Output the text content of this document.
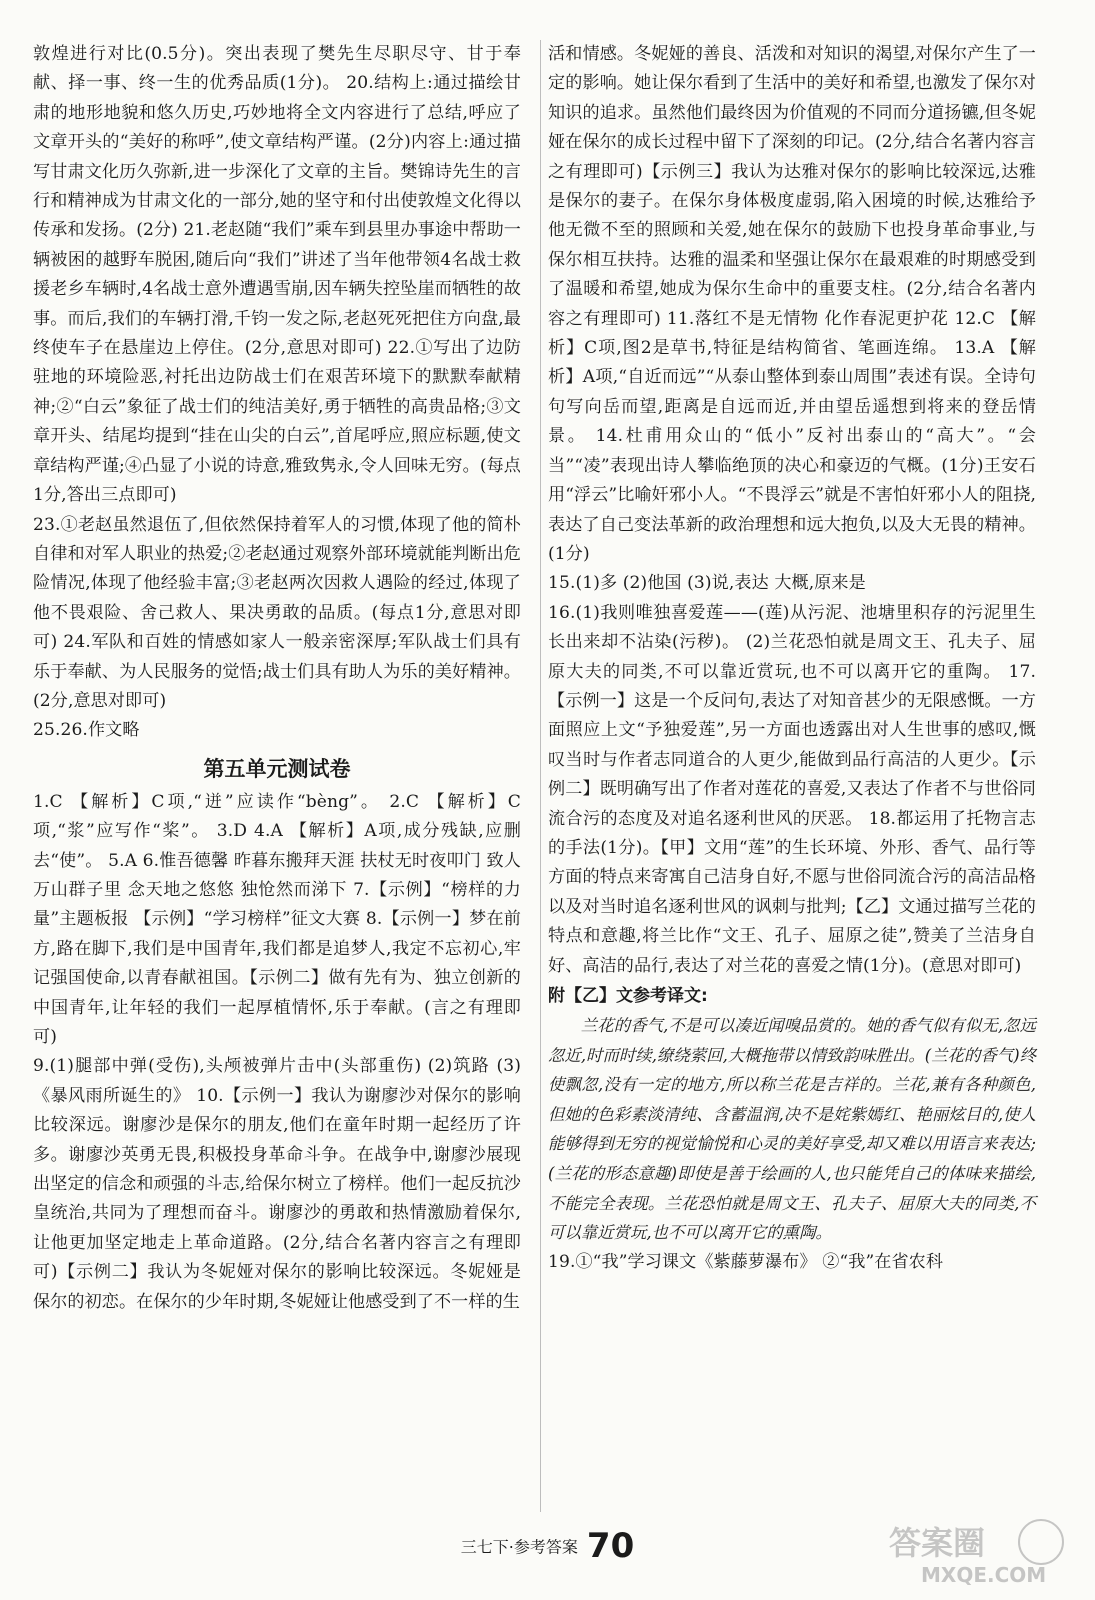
敦煌进行对比(0.5分)。突出表现了樊先生尽职尽守、甘于奉献、择一事、终一生的优秀品质(1分)。 20.结构上:通过描绘甘肃的地形地貌和悠久历史,巧妙地将全文内容进行了总结,呼应了文章开头的“美好的称呼”,使文章结构严谨。(2分)内容上:通过描写甘肃文化历久弥新,进一步深化了文章的主旨。樊锦诗先生的言行和精神成为甘肃文化的一部分,她的坚守和付出使敦煌文化得以传承和发扬。(2分) 21.老赵随“我们”乘车到县里办事途中帮助一辆被困的越野车脱困,随后向“我们”讲述了当年他带领4名战士救援老乡车辆时,4名战士意外遭遇雪崩,因车辆失控坠崖而牺牲的故事。而后,我们的车辆打滑,千钧一发之际,老赵死死把住方向盘,最终使车子在悬崖边上停住。(2分,意思对即可) 22.①写出了边防驻地的环境险恶,衬托出边防战士们在艰苦环境下的默默奉献精神;②“白云”象征了战士们的纯洁美好,勇于牺牲的高贵品格;③文章开头、结尾均提到“挂在山尖的白云”,首尾呼应,照应标题,使文章结构严谨;④凸显了小说的诗意,雅致隽永,令人回味无穷。(每点1分,答出三点即可)

23.①老赵虽然退伍了,但依然保持着军人的习惯,体现了他的简朴自律和对军人职业的热爱;②老赵通过观察外部环境就能判断出危险情况,体现了他经验丰富;③老赵两次因救人遇险的经过,体现了他不畏艰险、舍己救人、果决勇敢的品质。(每点1分,意思对即可) 24.军队和百姓的情感如家人一般亲密深厚;军队战士们具有乐于奉献、为人民服务的觉悟;战士们具有助人为乐的美好精神。(2分,意思对即可)

25.26.作文略

第五单元测试卷

1.C 【解析】C项,“迸”应读作“bèng”。 2.C 【解析】C项,“浆”应写作“桨”。 3.D 4.A 【解析】A项,成分残缺,应删去“使”。 5.A 6.惟吾德馨 昨暮东搬拜天涯 扶杖无时夜叩门 致人万山群子里 念天地之悠悠 独怆然而涕下 7.【示例】“榜样的力量”主题板报 【示例】“学习榜样”征文大赛 8.【示例一】梦在前方,路在脚下,我们是中国青年,我们都是追梦人,我定不忘初心,牢记强国使命,以青春献祖国。【示例二】做有先有为、独立创新的中国青年,让年轻的我们一起厚植情怀,乐于奉献。(言之有理即可)

9.(1)腿部中弹(受伤),头颅被弹片击中(头部重伤) (2)筑路 (3)《暴风雨所诞生的》 10.【示例一】我认为谢廖沙对保尔的影响比较深远。谢廖沙是保尔的朋友,他们在童年时期一起经历了许多。谢廖沙英勇无畏,积极投身革命斗争。在战争中,谢廖沙展现出坚定的信念和顽强的斗志,给保尔树立了榜样。他们一起反抗沙皇统治,共同为了理想而奋斗。谢廖沙的勇敢和热情激励着保尔,让他更加坚定地走上革命道路。(2分,结合名著内容言之有理即可)【示例二】我认为冬妮娅对保尔的影响比较深远。冬妮娅是保尔的初恋。在保尔的少年时期,冬妮娅让他感受到了不一样的生

活和情感。冬妮娅的善良、活泼和对知识的渴望,对保尔产生了一定的影响。她让保尔看到了生活中的美好和希望,也激发了保尔对知识的追求。虽然他们最终因为价值观的不同而分道扬镳,但冬妮娅在保尔的成长过程中留下了深刻的印记。(2分,结合名著内容言之有理即可)【示例三】我认为达雅对保尔的影响比较深远,达雅是保尔的妻子。在保尔身体极度虚弱,陷入困境的时候,达雅给予他无微不至的照顾和关爱,她在保尔的鼓励下也投身革命事业,与保尔相互扶持。达雅的温柔和坚强让保尔在最艰难的时期感受到了温暖和希望,她成为保尔生命中的重要支柱。(2分,结合名著内容之有理即可) 11.落红不是无情物 化作春泥更护花 12.C 【解析】C项,图2是草书,特征是结构简省、笔画连绵。 13.A 【解析】A项,“自近而远”“从泰山整体到泰山周围”表述有误。全诗句句写向岳而望,距离是自远而近,并由望岳遥想到将来的登岳情景。 14.杜甫用众山的“低小”反衬出泰山的“高大”。“会当”“凌”表现出诗人攀临绝顶的决心和豪迈的气概。(1分)王安石用“浮云”比喻奸邪小人。“不畏浮云”就是不害怕奸邪小人的阻挠,表达了自己变法革新的政治理想和远大抱负,以及大无畏的精神。(1分)

15.(1)多 (2)他国 (3)说,表达 大概,原来是

16.(1)我则唯独喜爱莲——(莲)从污泥、池塘里积存的污泥里生长出来却不沾染(污秽)。 (2)兰花恐怕就是周文王、孔夫子、屈原大夫的同类,不可以靠近赏玩,也不可以离开它的重陶。 17.【示例一】这是一个反问句,表达了对知音甚少的无限感慨。一方面照应上文“予独爱莲”,另一方面也透露出对人生世事的感叹,慨叹当时与作者志同道合的人更少,能做到品行高洁的人更少。【示例二】既明确写出了作者对莲花的喜爱,又表达了作者不与世俗同流合污的态度及对追名逐利世风的厌恶。 18.都运用了托物言志的手法(1分)。【甲】文用“莲”的生长环境、外形、香气、品行等方面的特点来寄寓自己洁身自好,不愿与世俗同流合污的高洁品格以及对当时追名逐利世风的讽刺与批判;【乙】文通过描写兰花的特点和意趣,将兰比作“文王、孔子、屈原之徒”,赞美了兰洁身自好、高洁的品行,表达了对兰花的喜爱之情(1分)。(意思对即可)

附【乙】文参考译文:
兰花的香气,不是可以凑近闻嗅品赏的。她的香气似有似无,忽远忽近,时而时续,缭绕萦回,大概拖带以情致韵味胜出。(兰花的香气)终使飘忽,没有一定的地方,所以称兰花是吉祥的。兰花,兼有各种颜色,但她的色彩素淡清纯、含蓄温润,决不是姹紫嫣红、艳丽炫目的,使人能够得到无穷的视觉愉悦和心灵的美好享受,却又难以用语言来表达;(兰花的形态意趣)即使是善于绘画的人,也只能凭自己的体味来描绘,不能完全表现。兰花恐怕就是周文王、孔夫子、屈原大夫的同类,不可以靠近赏玩,也不可以离开它的熏陶。

19.①“我”学习课文《紫藤萝瀑布》 ②“我”在省农科

三七下·参考答案 70	答案圈
MXQE.COM
